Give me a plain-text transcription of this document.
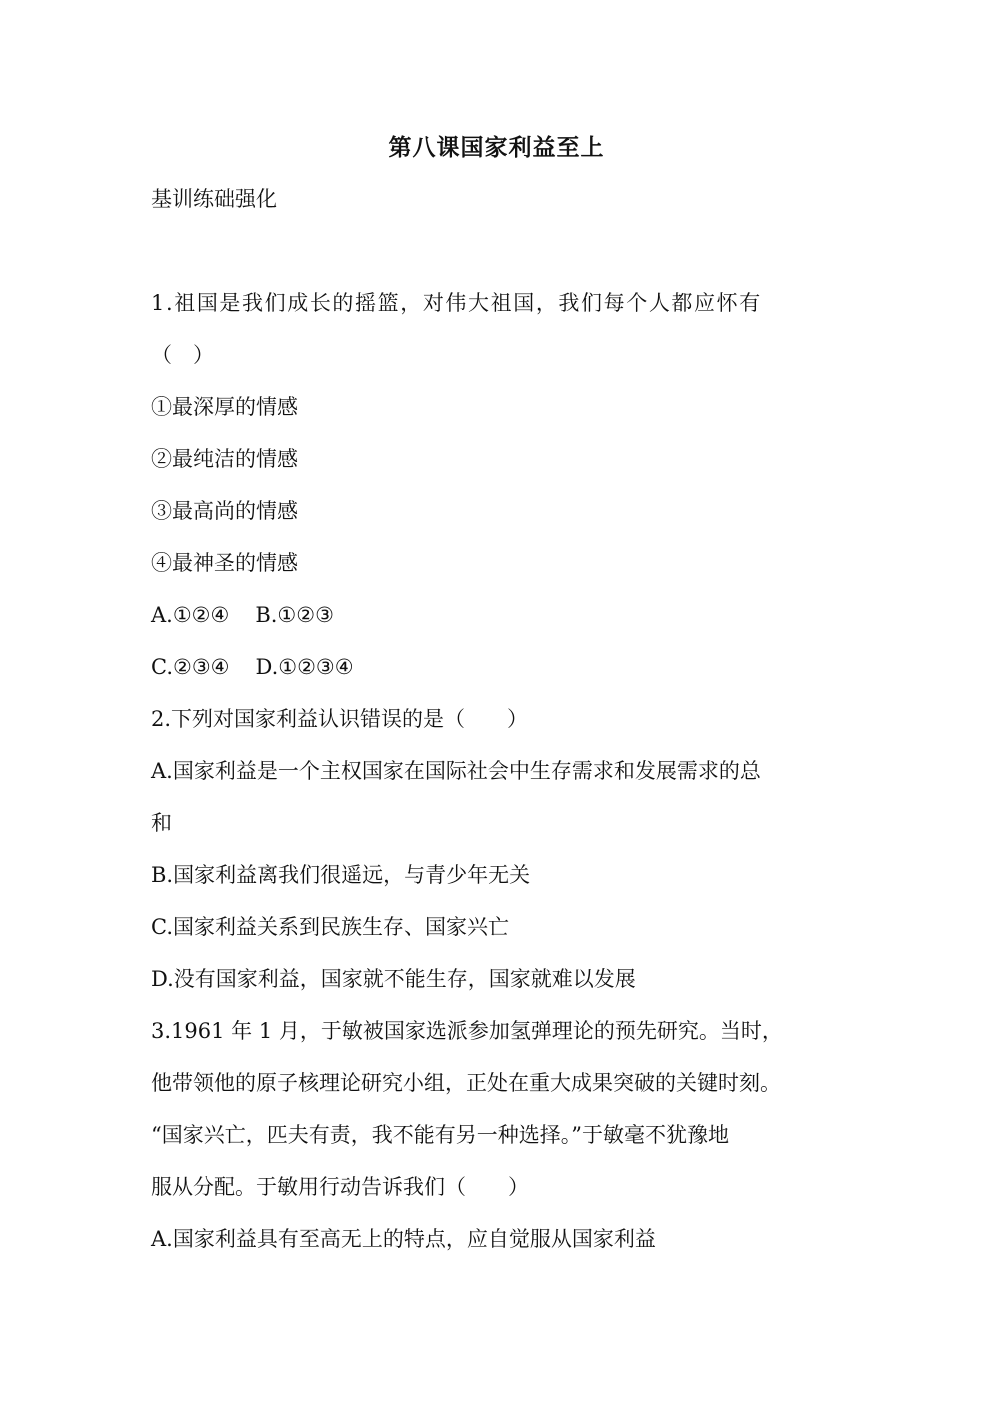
第八课国家利益至上
基训练础强化
1.祖国是我们成长的摇篮，对伟大祖国，我们每个人都应怀有
（　）
①最深厚的情感
②最纯洁的情感
③最高尚的情感
④最神圣的情感
A.①②④ B.①②③
C.②③④ D.①②③④
2.下列对国家利益认识错误的是（　　）
A.国家利益是一个主权国家在国际社会中生存需求和发展需求的总
和
B.国家利益离我们很遥远，与青少年无关
C.国家利益关系到民族生存、国家兴亡
D.没有国家利益，国家就不能生存，国家就难以发展
3.1961 年 1 月，于敏被国家选派参加氢弹理论的预先研究。当时，
他带领他的原子核理论研究小组，正处在重大成果突破的关键时刻。
“国家兴亡，匹夫有责，我不能有另一种选择。”于敏毫不犹豫地
服从分配。于敏用行动告诉我们（　　）
A.国家利益具有至高无上的特点，应自觉服从国家利益
